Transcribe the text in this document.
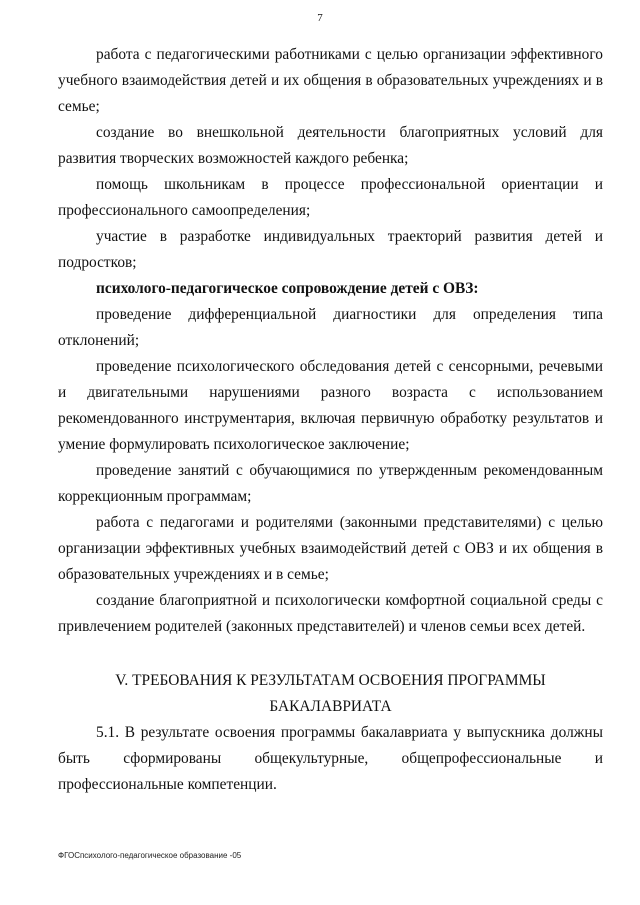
7

работа с педагогическими работниками с целью организации эффективного учебного взаимодействия детей и их общения в образовательных учреждениях и в семье;

создание во внешкольной деятельности благоприятных условий для развития творческих возможностей каждого ребенка;

помощь школьникам в процессе профессиональной ориентации и профессионального самоопределения;

участие в разработке индивидуальных траекторий развития детей и подростков;

психолого-педагогическое сопровождение детей с ОВЗ:

проведение дифференциальной диагностики для определения типа отклонений;

проведение психологического обследования детей с сенсорными, речевыми и двигательными нарушениями разного возраста с использованием рекомендованного инструментария, включая первичную обработку результатов и умение формулировать психологическое заключение;

проведение занятий с обучающимися по утвержденным рекомендованным коррекционным программам;

работа с педагогами и родителями (законными представителями) с целью организации эффективных учебных взаимодействий детей с ОВЗ и их общения в образовательных учреждениях и в семье;

создание благоприятной и психологически комфортной социальной среды с привлечением родителей (законных представителей) и членов семьи всех детей.

V. ТРЕБОВАНИЯ К РЕЗУЛЬТАТАМ ОСВОЕНИЯ ПРОГРАММЫ
БАКАЛАВРИАТА

5.1. В результате освоения программы бакалавриата у выпускника должны быть сформированы общекультурные, общепрофессиональные и профессиональные компетенции.

ФГОСпсихолого-педагогическое образование -05
